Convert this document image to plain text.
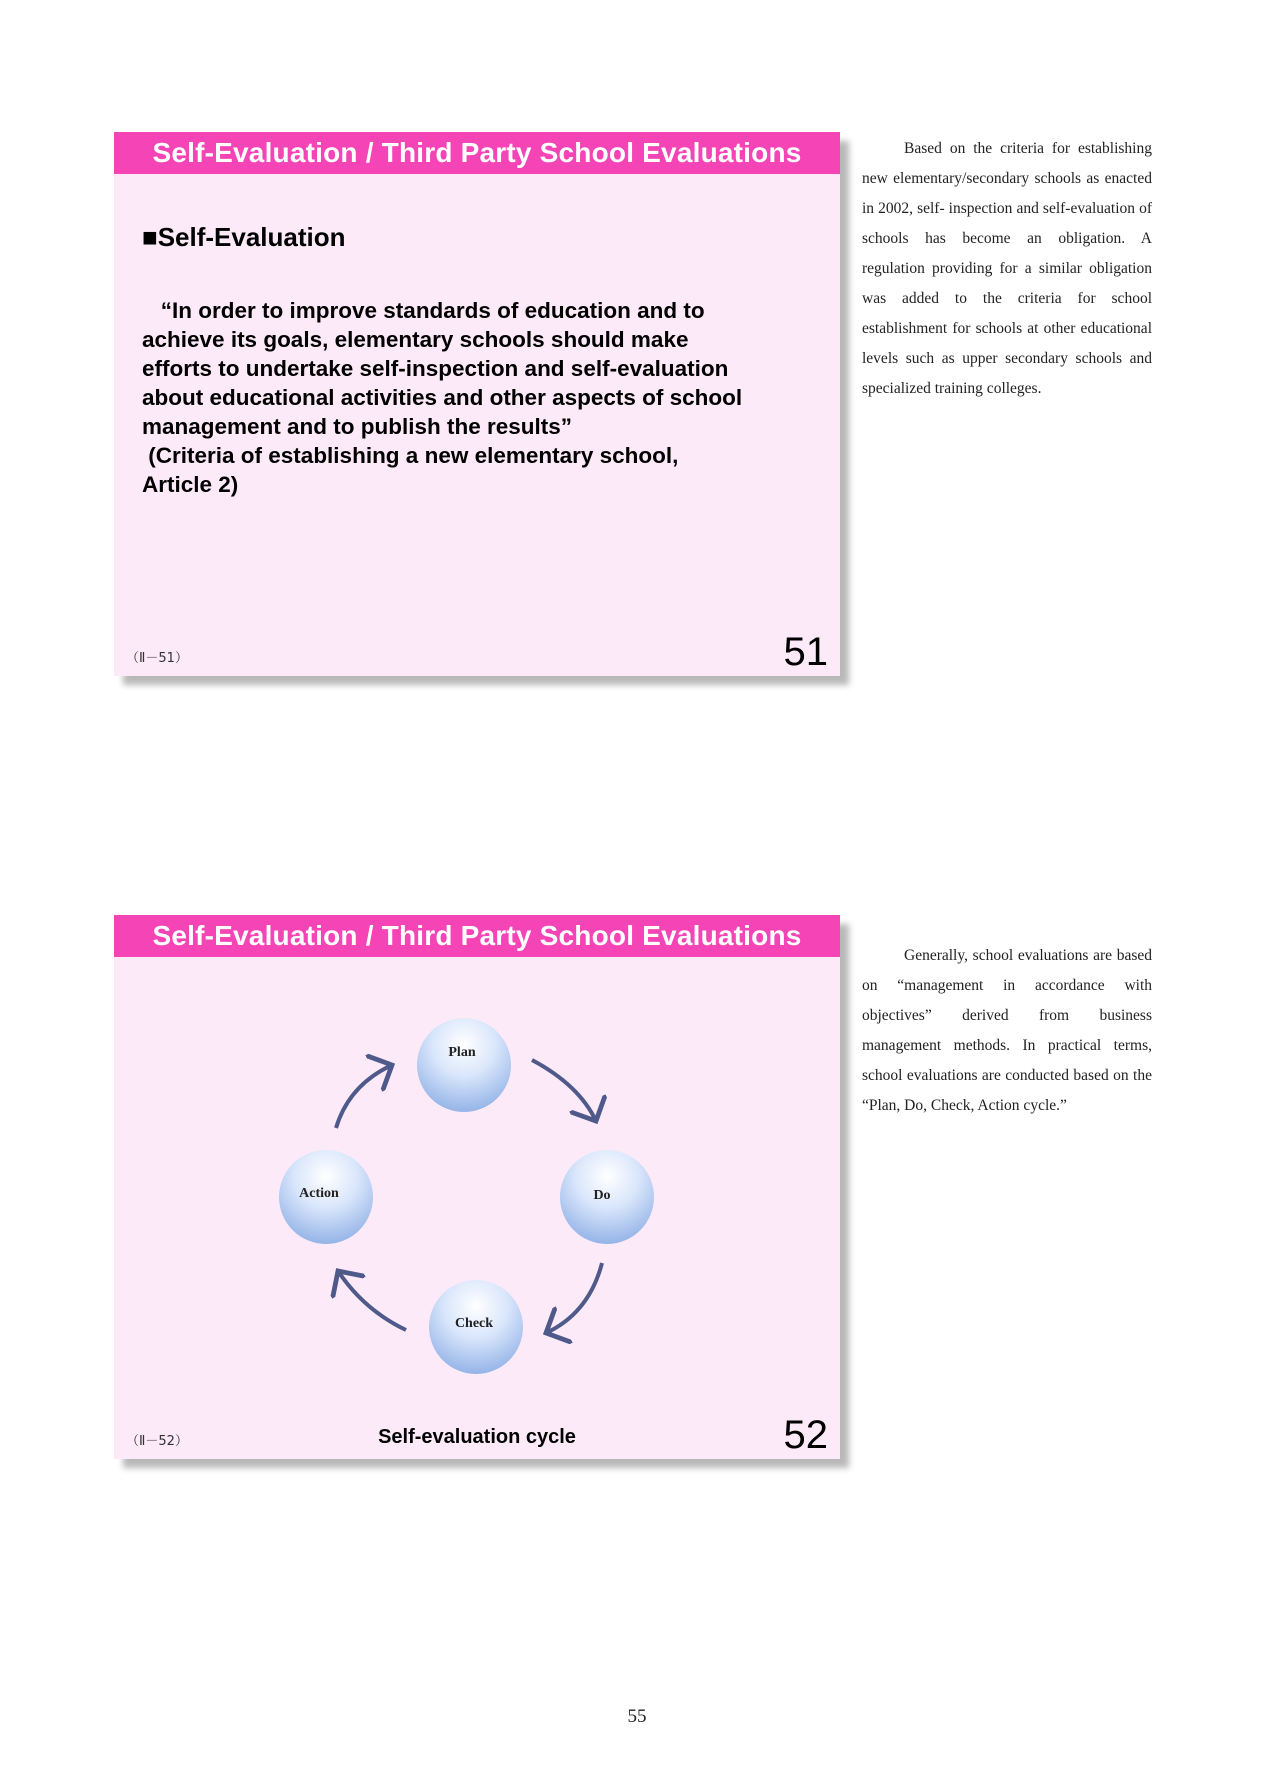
Self-Evaluation / Third Party School Evaluations
■Self-Evaluation

“In order to improve standards of education and to
achieve its goals, elementary schools should make
efforts to undertake self-inspection and self-evaluation
about educational activities and other aspects of school
management and to publish the results”
(Criteria of establishing a new elementary school,
Article 2)

（Ⅱ－51）	51

Based on the criteria for establishing new elementary/secondary schools as enacted in 2002, self- inspection and self-evaluation of schools has become an obligation. A regulation providing for a similar obligation was added to the criteria for school establishment for schools at other educational levels such as upper secondary schools and specialized training colleges.

Self-Evaluation / Third Party School Evaluations
Plan
Do
Check
Action
Self-evaluation cycle
（Ⅱ－52）	52

Generally, school evaluations are based on “management in accordance with objectives” derived from business management methods. In practical terms, school evaluations are conducted based on the “Plan, Do, Check, Action cycle.”

55
